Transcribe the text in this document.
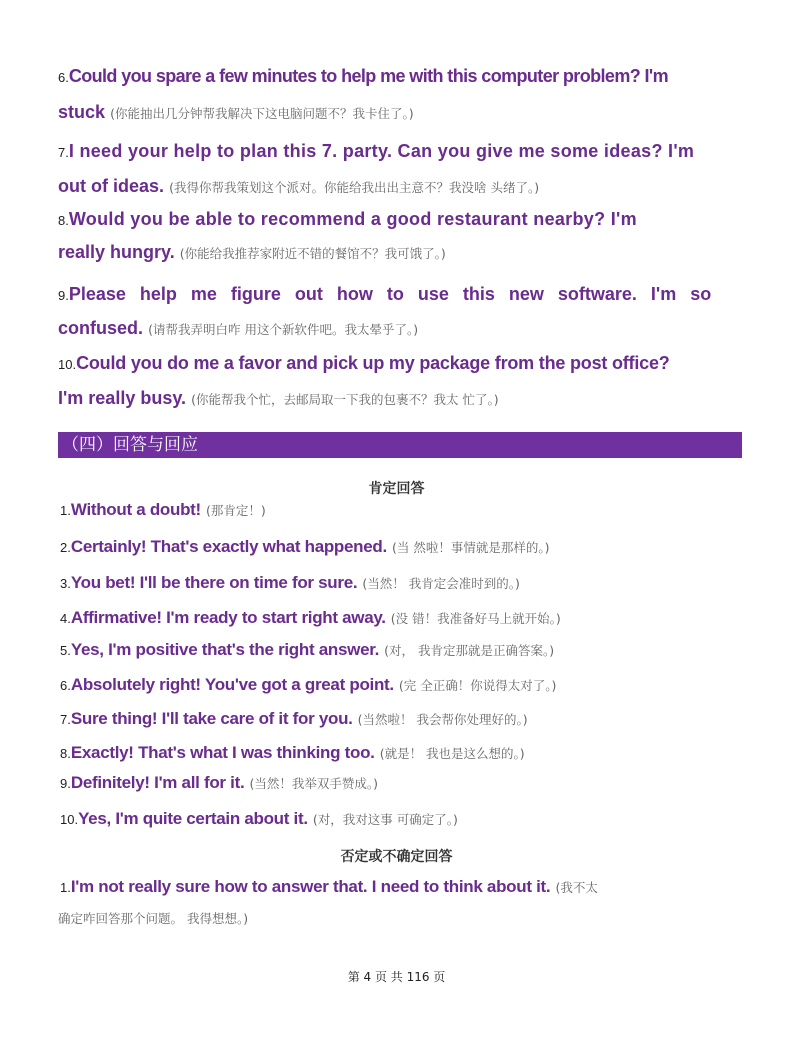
6.Could you spare a few minutes to help me with this computer problem? I'm
stuck (你能抽出几分钟帮我解决下这电脑问题不？我卡住了。)
7.I need your help to plan this 7. party. Can you give me some ideas? I'm
out of ideas. (我得你帮我策划这个派对。你能给我出出主意不？我没啥 头绪了。)
8.Would you be able to recommend a good restaurant nearby? I'm
really hungry. (你能给我推荐家附近不错的餐馆不？我可饿了。)
9.Please help me figure out how to use this new software. I'm so
confused. (请帮我弄明白咋 用这个新软件吧。我太晕乎了。)
10.Could you do me a favor and pick up my package from the post office?
I'm really busy. (你能帮我个忙，去邮局取一下我的包裹不？我太 忙了。)
（四）回答与回应
肯定回答
1.Without a doubt! (那肯定！)
2.Certainly! That's exactly what happened. (当 然啦！事情就是那样的。)
3.You bet! I'll be there on time for sure. (当然！ 我肯定会准时到的。)
4.Affirmative! I'm ready to start right away. (没 错！我准备好马上就开始。)
5.Yes, I'm positive that's the right answer. (对， 我肯定那就是正确答案。)
6.Absolutely right! You've got a great point. (完 全正确！你说得太对了。)
7.Sure thing! I'll take care of it for you. (当然啦！ 我会帮你处理好的。)
8.Exactly! That's what I was thinking too. (就是！ 我也是这么想的。)
9.Definitely! I'm all for it. (当然！我举双手赞成。)
10.Yes, I'm quite certain about it. (对，我对这事 可确定了。)
否定或不确定回答
1.I'm not really sure how to answer that. I need to think about it. (我不太
确定咋回答那个问题。 我得想想。)
第 4 页 共 116 页
